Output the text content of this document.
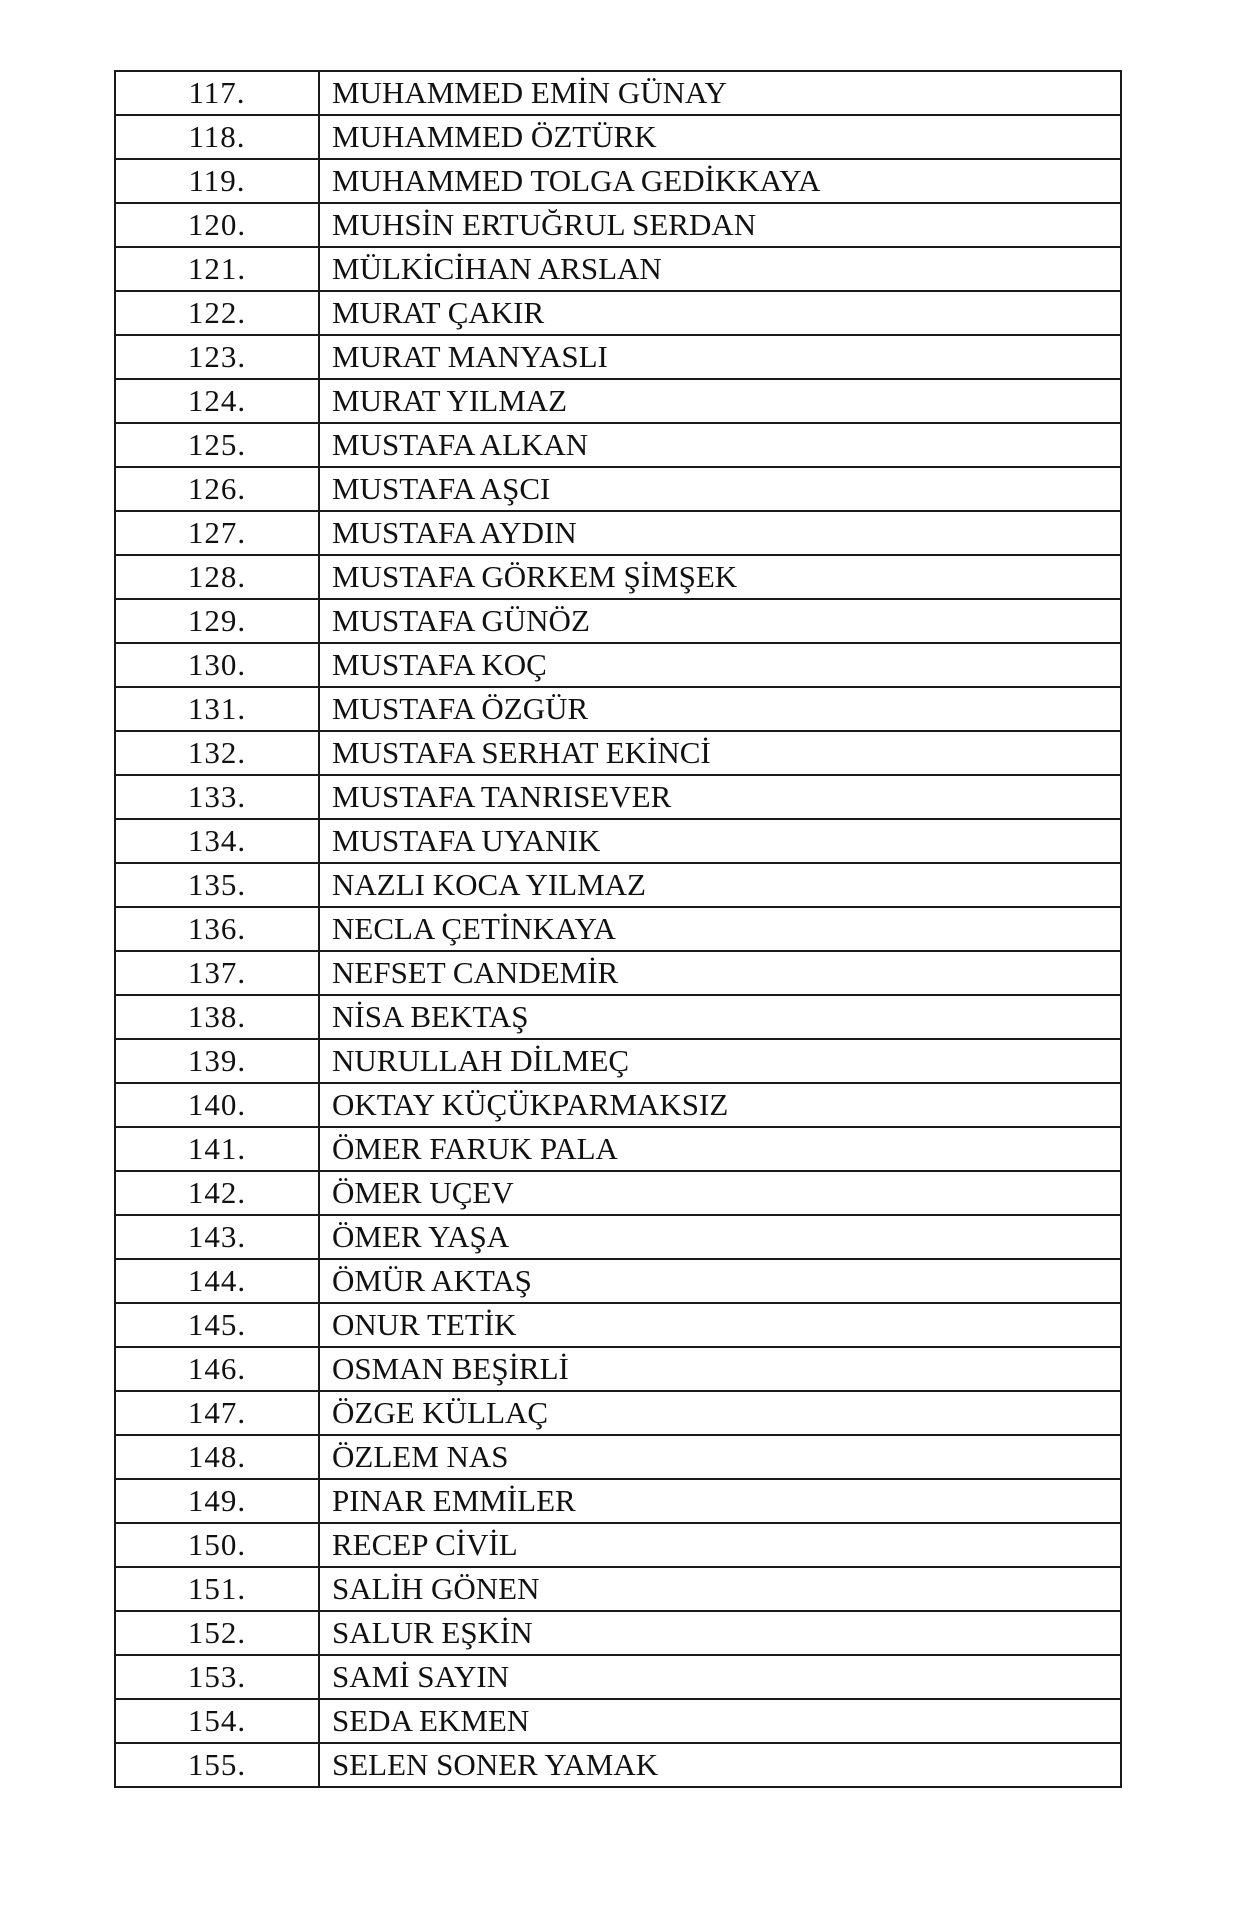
117.	MUHAMMED EMİN GÜNAY
118.	MUHAMMED ÖZTÜRK
119.	MUHAMMED TOLGA GEDİKKAYA
120.	MUHSİN ERTUĞRUL SERDAN
121.	MÜLKİCİHAN ARSLAN
122.	MURAT ÇAKIR
123.	MURAT MANYASLI
124.	MURAT YILMAZ
125.	MUSTAFA ALKAN
126.	MUSTAFA AŞCI
127.	MUSTAFA AYDIN
128.	MUSTAFA GÖRKEM ŞİMŞEK
129.	MUSTAFA GÜNÖZ
130.	MUSTAFA KOÇ
131.	MUSTAFA ÖZGÜR
132.	MUSTAFA SERHAT EKİNCİ
133.	MUSTAFA TANRISEVER
134.	MUSTAFA UYANIK
135.	NAZLI KOCA YILMAZ
136.	NECLA ÇETİNKAYA
137.	NEFSET CANDEMİR
138.	NİSA BEKTAŞ
139.	NURULLAH DİLMEÇ
140.	OKTAY KÜÇÜKPARMAKSIZ
141.	ÖMER FARUK PALA
142.	ÖMER UÇEV
143.	ÖMER YAŞA
144.	ÖMÜR AKTAŞ
145.	ONUR TETİK
146.	OSMAN BEŞİRLİ
147.	ÖZGE KÜLLAÇ
148.	ÖZLEM NAS
149.	PINAR EMMİLER
150.	RECEP CİVİL
151.	SALİH GÖNEN
152.	SALUR EŞKİN
153.	SAMİ SAYIN
154.	SEDA EKMEN
155.	SELEN SONER YAMAK
